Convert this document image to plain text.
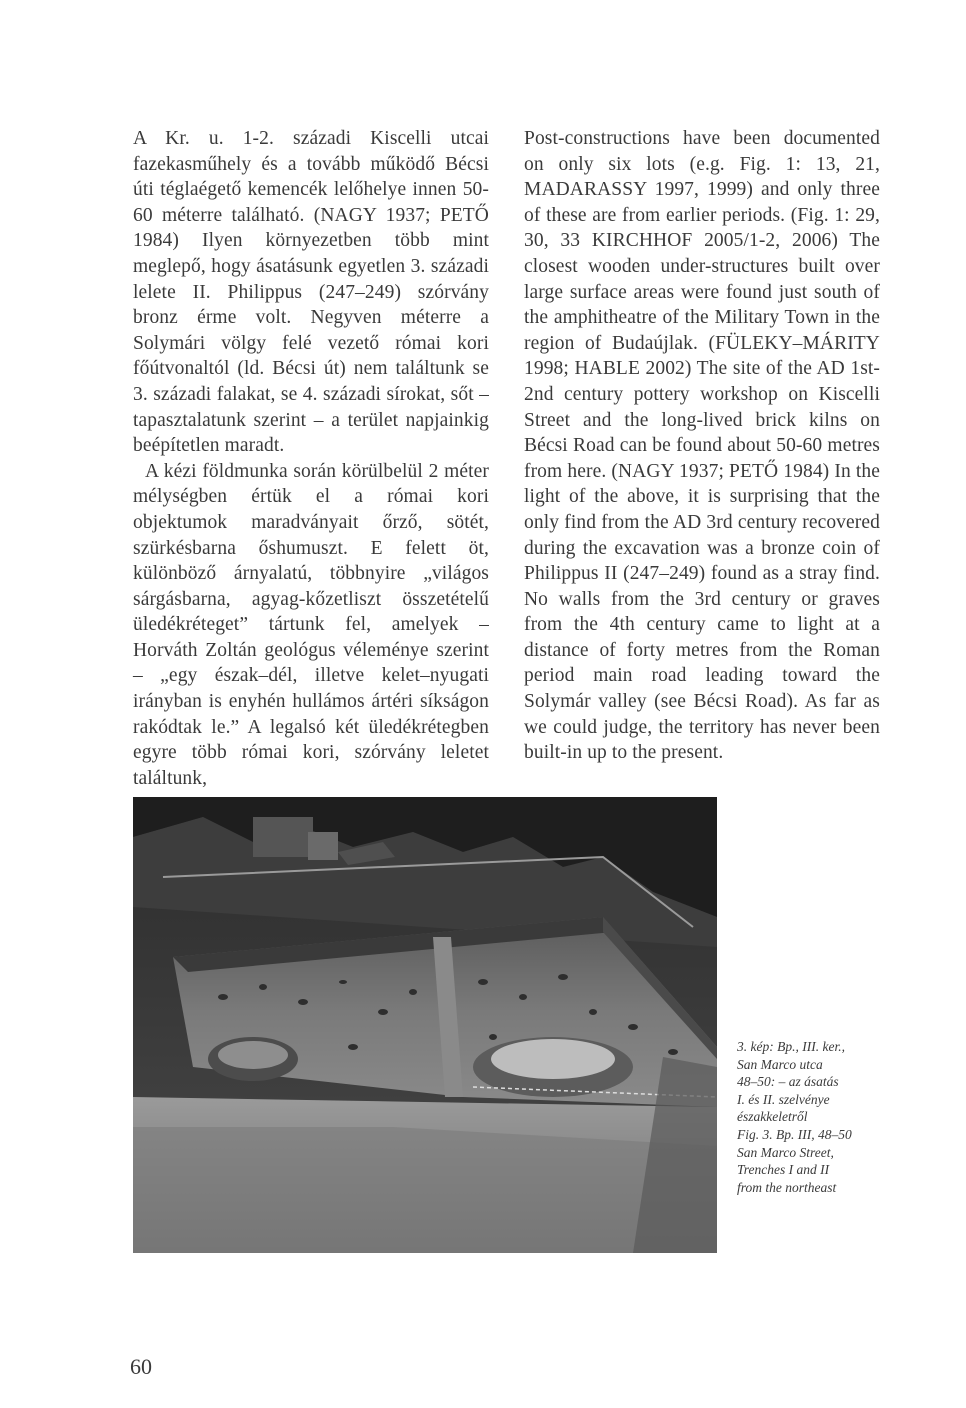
A Kr. u. 1-2. századi Kiscelli utcai fazekasműhely és a tovább működő Bécsi úti téglaégető kemencék lelőhelye innen 50-60 méterre található. (NAGY 1937; PETŐ 1984) Ilyen környezetben több mint meglepő, hogy ásatásunk egyetlen 3. századi lelete II. Philippus (247–249) szórvány bronz érme volt. Negyven méterre a Solymári völgy felé vezető római kori főútvonaltól (ld. Bécsi út) nem találtunk se 3. századi falakat, se 4. századi sírokat, sőt – tapasztalatunk szerint – a terület napjainkig beépítetlen maradt.

A kézi földmunka során körülbelül 2 méter mélységben értük el a római kori objektumok maradványait őrző, sötét, szürkésbarna őshumuszt. E felett öt, különböző árnyalatú, többnyire „világos sárgásbarna, agyag-kőzetliszt összetételű üledékréteget” tártunk fel, amelyek – Horváth Zoltán geológus véleménye szerint – „egy észak–dél, illetve kelet–nyugati irányban is enyhén hullámos ártéri síkságon rakódtak le.” A legalsó két üledékrétegben egyre több római kori, szórvány leletet találtunk,

Post-constructions have been documented on only six lots (e.g. Fig. 1: 13, 21, MADARASSY 1997, 1999) and only three of these are from earlier periods. (Fig. 1: 29, 30, 33 KIRCHHOF 2005/1-2, 2006) The closest wooden under-structures built over large surface areas were found just south of the amphitheatre of the Military Town in the region of Budaújlak. (FÜLEKY–MÁRITY 1998; HABLE 2002) The site of the AD 1st-2nd century pottery workshop on Kiscelli Street and the long-lived brick kilns on Bécsi Road can be found about 50-60 metres from here. (NAGY 1937; PETŐ 1984) In the light of the above, it is surprising that the only find from the AD 3rd century recovered during the excavation was a bronze coin of Philippus II (247–249) found as a stray find. No walls from the 3rd century or graves from the 4th century came to light at a distance of forty metres from the Roman period main road leading toward the Solymár valley (see Bécsi Road). As far as we could judge, the territory has never been built-in up to the present.

3. kép: Bp., III. ker.,
San Marco utca
48–50: – az ásatás
I. és II. szelvénye
északkeletről
Fig. 3. Bp. III, 48–50
San Marco Street,
Trenches I and II
from the northeast
60
